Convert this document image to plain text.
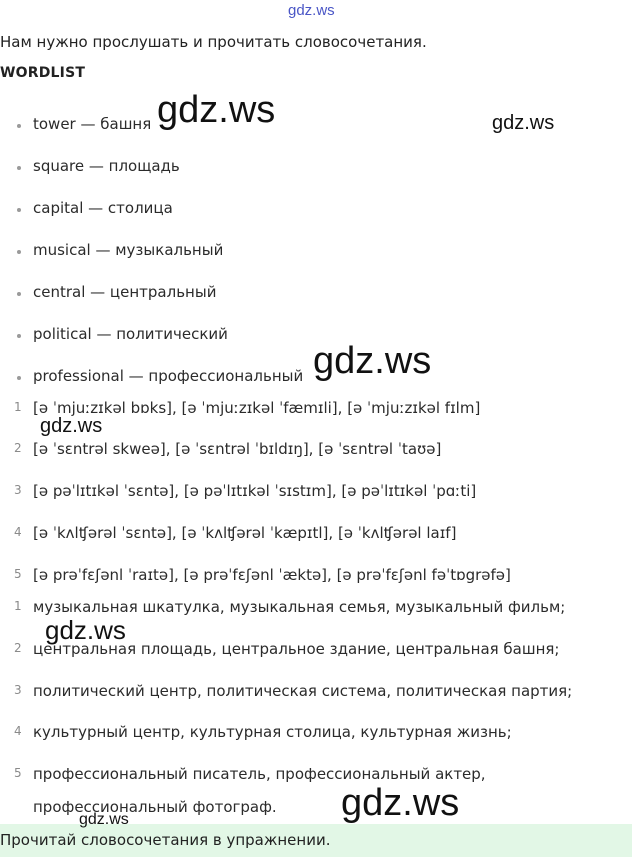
gdz.ws
Нам нужно прослушать и прочитать словосочетания.
WORDLIST
tower — башня
square — площадь
capital — столица
musical — музыкальный
central — центральный
political — политический
professional — профессиональный
1 [ə ˈmjuːzɪkəl bɒks], [ə ˈmjuːzɪkəl ˈfæmɪli], [ə ˈmjuːzɪkəl fɪlm]
2 [ə ˈsɛntrəl skweə], [ə ˈsɛntrəl ˈbɪldɪŋ], [ə ˈsɛntrəl ˈtaʊə]
3 [ə pəˈlɪtɪkəl ˈsɛntə], [ə pəˈlɪtɪkəl ˈsɪstɪm], [ə pəˈlɪtɪkəl ˈpɑːti]
4 [ə ˈkʌlʧərəl ˈsɛntə], [ə ˈkʌlʧərəl ˈkæpɪtl], [ə ˈkʌlʧərəl laɪf]
5 [ə prəˈfɛʃənl ˈraɪtə], [ə prəˈfɛʃənl ˈæktə], [ə prəˈfɛʃənl fəˈtɒgrəfə]
1 музыкальная шкатулка, музыкальная семья, музыкальный фильм;
2 центральная площадь, центральное здание, центральная башня;
3 политический центр, политическая система, политическая партия;
4 культурный центр, культурная столица, культурная жизнь;
5 профессиональный писатель, профессиональный актер,
профессиональный фотограф.
Прочитай словосочетания в упражнении.
gdz.ws	gdz.ws
gdz.ws
gdz.ws
gdz.ws
gdz.ws
gdz.ws
